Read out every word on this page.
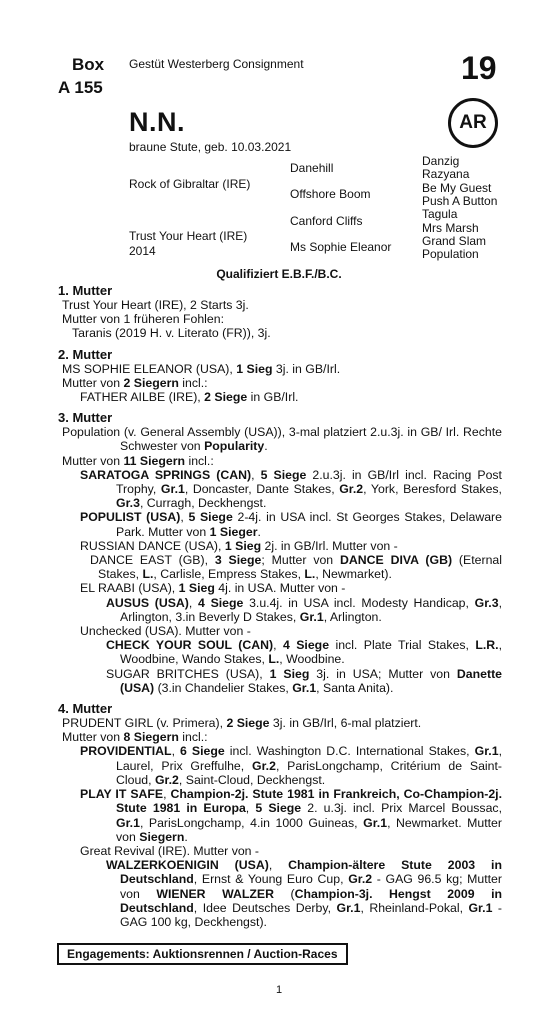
Box
A 155
Gestüt Westerberg Consignment	19
AR
N.N.
braune Stute, geb. 10.03.2021
Rock of Gibraltar (IRE)
Trust Your Heart (IRE)
2014
Danehill
Offshore Boom
Canford Cliffs
Ms Sophie Eleanor
Danzig
Razyana
Be My Guest
Push A Button
Tagula
Mrs Marsh
Grand Slam
Population
Qualifiziert E.B.F./B.C.
1. Mutter
Trust Your Heart (IRE), 2 Starts 3j.
Mutter von 1 früheren Fohlen:
Taranis (2019 H. v. Literato (FR)), 3j.
2. Mutter
MS SOPHIE ELEANOR (USA), 1 Sieg 3j. in GB/Irl.
Mutter von 2 Siegern incl.:
FATHER AILBE (IRE), 2 Siege in GB/Irl.
3. Mutter
Population (v. General Assembly (USA)), 3-mal platziert 2.u.3j. in GB/ Irl. Rechte Schwester von Popularity.
Mutter von 11 Siegern incl.:
SARATOGA SPRINGS (CAN), 5 Siege 2.u.3j. in GB/Irl incl. Racing Post Trophy, Gr.1, Doncaster, Dante Stakes, Gr.2, York, Beresford Stakes, Gr.3, Curragh, Deckhengst.
POPULIST (USA), 5 Siege 2-4j. in USA incl. St Georges Stakes, Delaware Park. Mutter von 1 Sieger.
RUSSIAN DANCE (USA), 1 Sieg 2j. in GB/Irl. Mutter von -
DANCE EAST (GB), 3 Siege; Mutter von DANCE DIVA (GB) (Eternal Stakes, L., Carlisle, Empress Stakes, L., Newmarket).
EL RAABI (USA), 1 Sieg 4j. in USA. Mutter von -
AUSUS (USA), 4 Siege 3.u.4j. in USA incl. Modesty Handicap, Gr.3, Arlington, 3.in Beverly D Stakes, Gr.1, Arlington.
Unchecked (USA). Mutter von -
CHECK YOUR SOUL (CAN), 4 Siege incl. Plate Trial Stakes, L.R., Woodbine, Wando Stakes, L., Woodbine.
SUGAR BRITCHES (USA), 1 Sieg 3j. in USA; Mutter von Danette (USA) (3.in Chandelier Stakes, Gr.1, Santa Anita).
4. Mutter
PRUDENT GIRL (v. Primera), 2 Siege 3j. in GB/Irl, 6-mal platziert.
Mutter von 8 Siegern incl.:
PROVIDENTIAL, 6 Siege incl. Washington D.C. International Stakes, Gr.1, Laurel, Prix Greffulhe, Gr.2, ParisLongchamp, Critérium de Saint-Cloud, Gr.2, Saint-Cloud, Deckhengst.
PLAY IT SAFE, Champion-2j. Stute 1981 in Frankreich, Co-Champion-2j. Stute 1981 in Europa, 5 Siege 2. u.3j. incl. Prix Marcel Boussac, Gr.1, ParisLongchamp, 4.in 1000 Guineas, Gr.1, Newmarket. Mutter von Siegern.
Great Revival (IRE). Mutter von -
WALZERKOENIGIN (USA), Champion-ältere Stute 2003 in Deutschland, Ernst & Young Euro Cup, Gr.2 - GAG 96.5 kg; Mutter von WIENER WALZER (Champion-3j. Hengst 2009 in Deutschland, Idee Deutsches Derby, Gr.1, Rheinland-Pokal, Gr.1 - GAG 100 kg, Deckhengst).
Engagements: Auktionsrennen / Auction-Races
1
